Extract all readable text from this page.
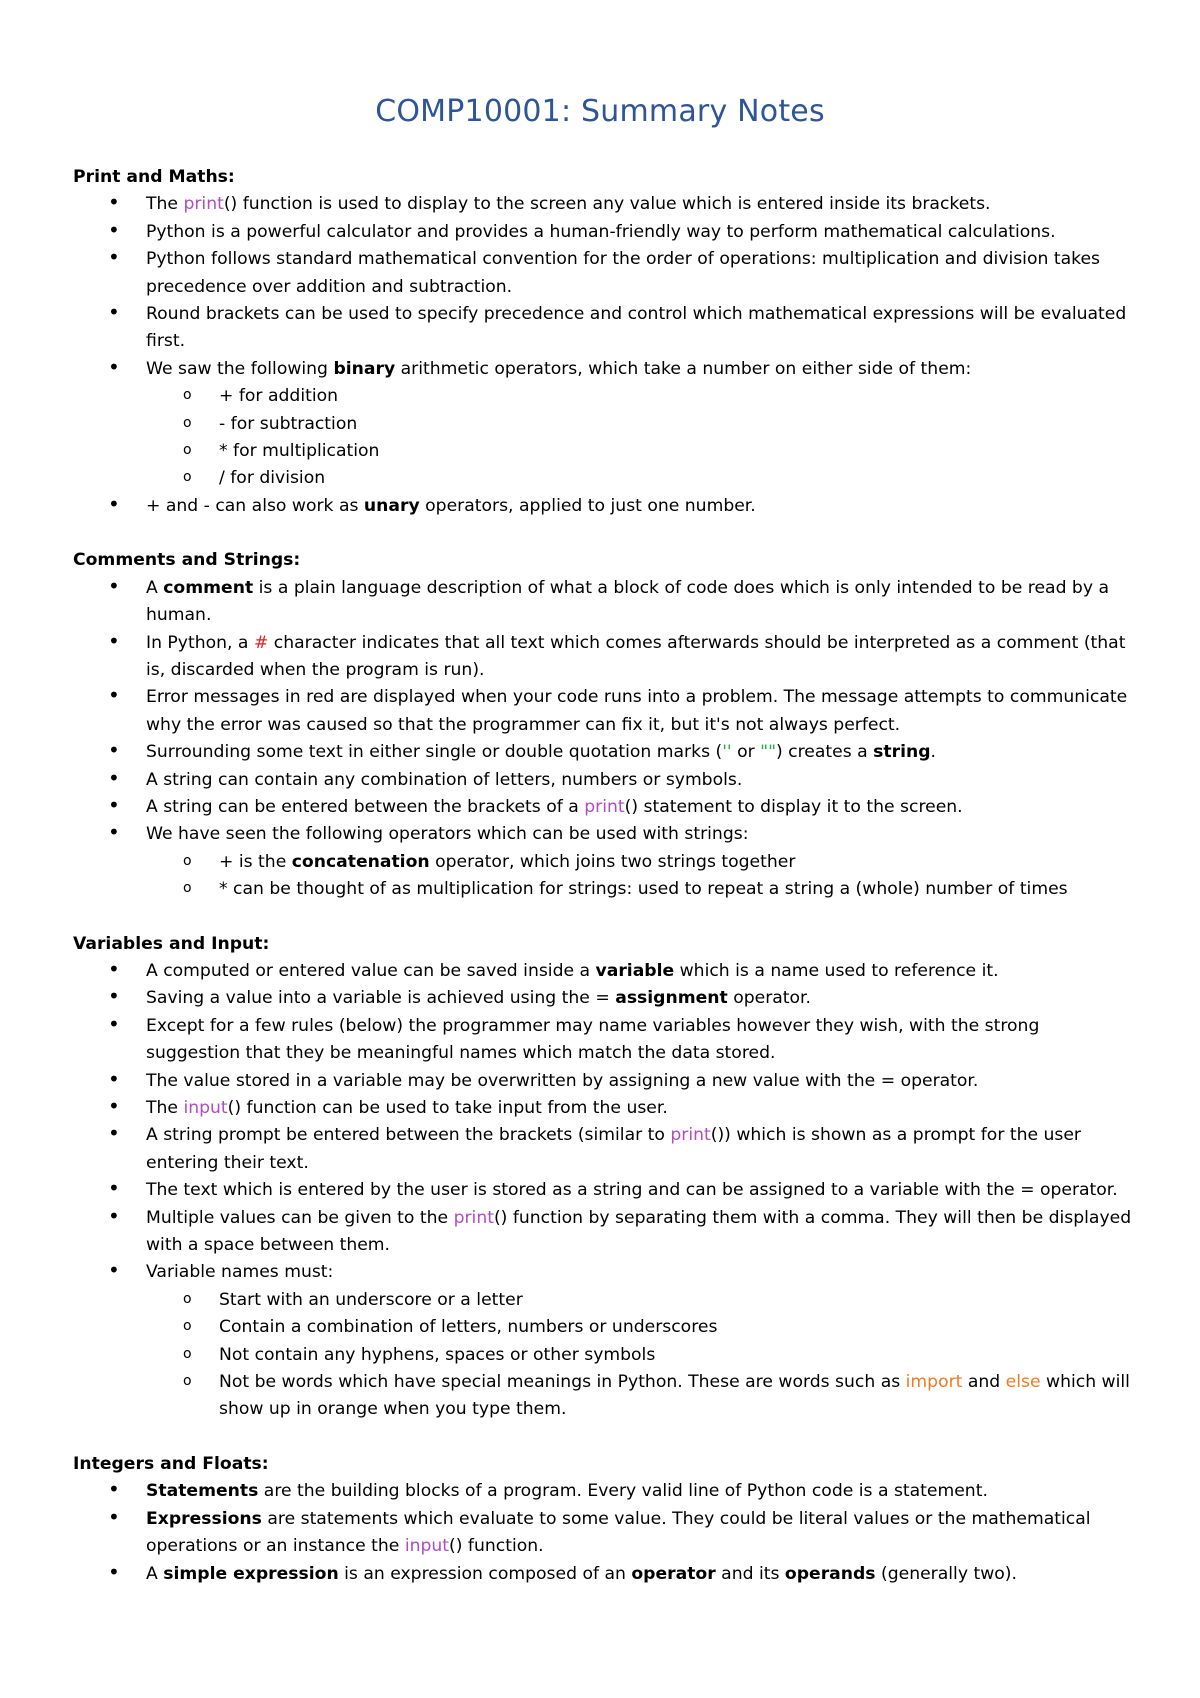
COMP10001: Summary Notes
Print and Maths:
• The print() function is used to display to the screen any value which is entered inside its brackets.
• Python is a powerful calculator and provides a human-friendly way to perform mathematical calculations.
• Python follows standard mathematical convention for the order of operations: multiplication and division takes precedence over addition and subtraction.
• Round brackets can be used to specify precedence and control which mathematical expressions will be evaluated first.
• We saw the following binary arithmetic operators, which take a number on either side of them:
o + for addition
o - for subtraction
o * for multiplication
o / for division
• + and - can also work as unary operators, applied to just one number.
Comments and Strings:
• A comment is a plain language description of what a block of code does which is only intended to be read by a human.
• In Python, a # character indicates that all text which comes afterwards should be interpreted as a comment (that is, discarded when the program is run).
• Error messages in red are displayed when your code runs into a problem. The message attempts to communicate why the error was caused so that the programmer can fix it, but it's not always perfect.
• Surrounding some text in either single or double quotation marks ('' or "") creates a string.
• A string can contain any combination of letters, numbers or symbols.
• A string can be entered between the brackets of a print() statement to display it to the screen.
• We have seen the following operators which can be used with strings:
o + is the concatenation operator, which joins two strings together
o * can be thought of as multiplication for strings: used to repeat a string a (whole) number of times
Variables and Input:
• A computed or entered value can be saved inside a variable which is a name used to reference it.
• Saving a value into a variable is achieved using the = assignment operator.
• Except for a few rules (below) the programmer may name variables however they wish, with the strong suggestion that they be meaningful names which match the data stored.
• The value stored in a variable may be overwritten by assigning a new value with the = operator.
• The input() function can be used to take input from the user.
• A string prompt be entered between the brackets (similar to print()) which is shown as a prompt for the user entering their text.
• The text which is entered by the user is stored as a string and can be assigned to a variable with the = operator.
• Multiple values can be given to the print() function by separating them with a comma. They will then be displayed with a space between them.
• Variable names must:
o Start with an underscore or a letter
o Contain a combination of letters, numbers or underscores
o Not contain any hyphens, spaces or other symbols
o Not be words which have special meanings in Python. These are words such as import and else which will show up in orange when you type them.
Integers and Floats:
• Statements are the building blocks of a program. Every valid line of Python code is a statement.
• Expressions are statements which evaluate to some value. They could be literal values or the mathematical operations or an instance the input() function.
• A simple expression is an expression composed of an operator and its operands (generally two).
